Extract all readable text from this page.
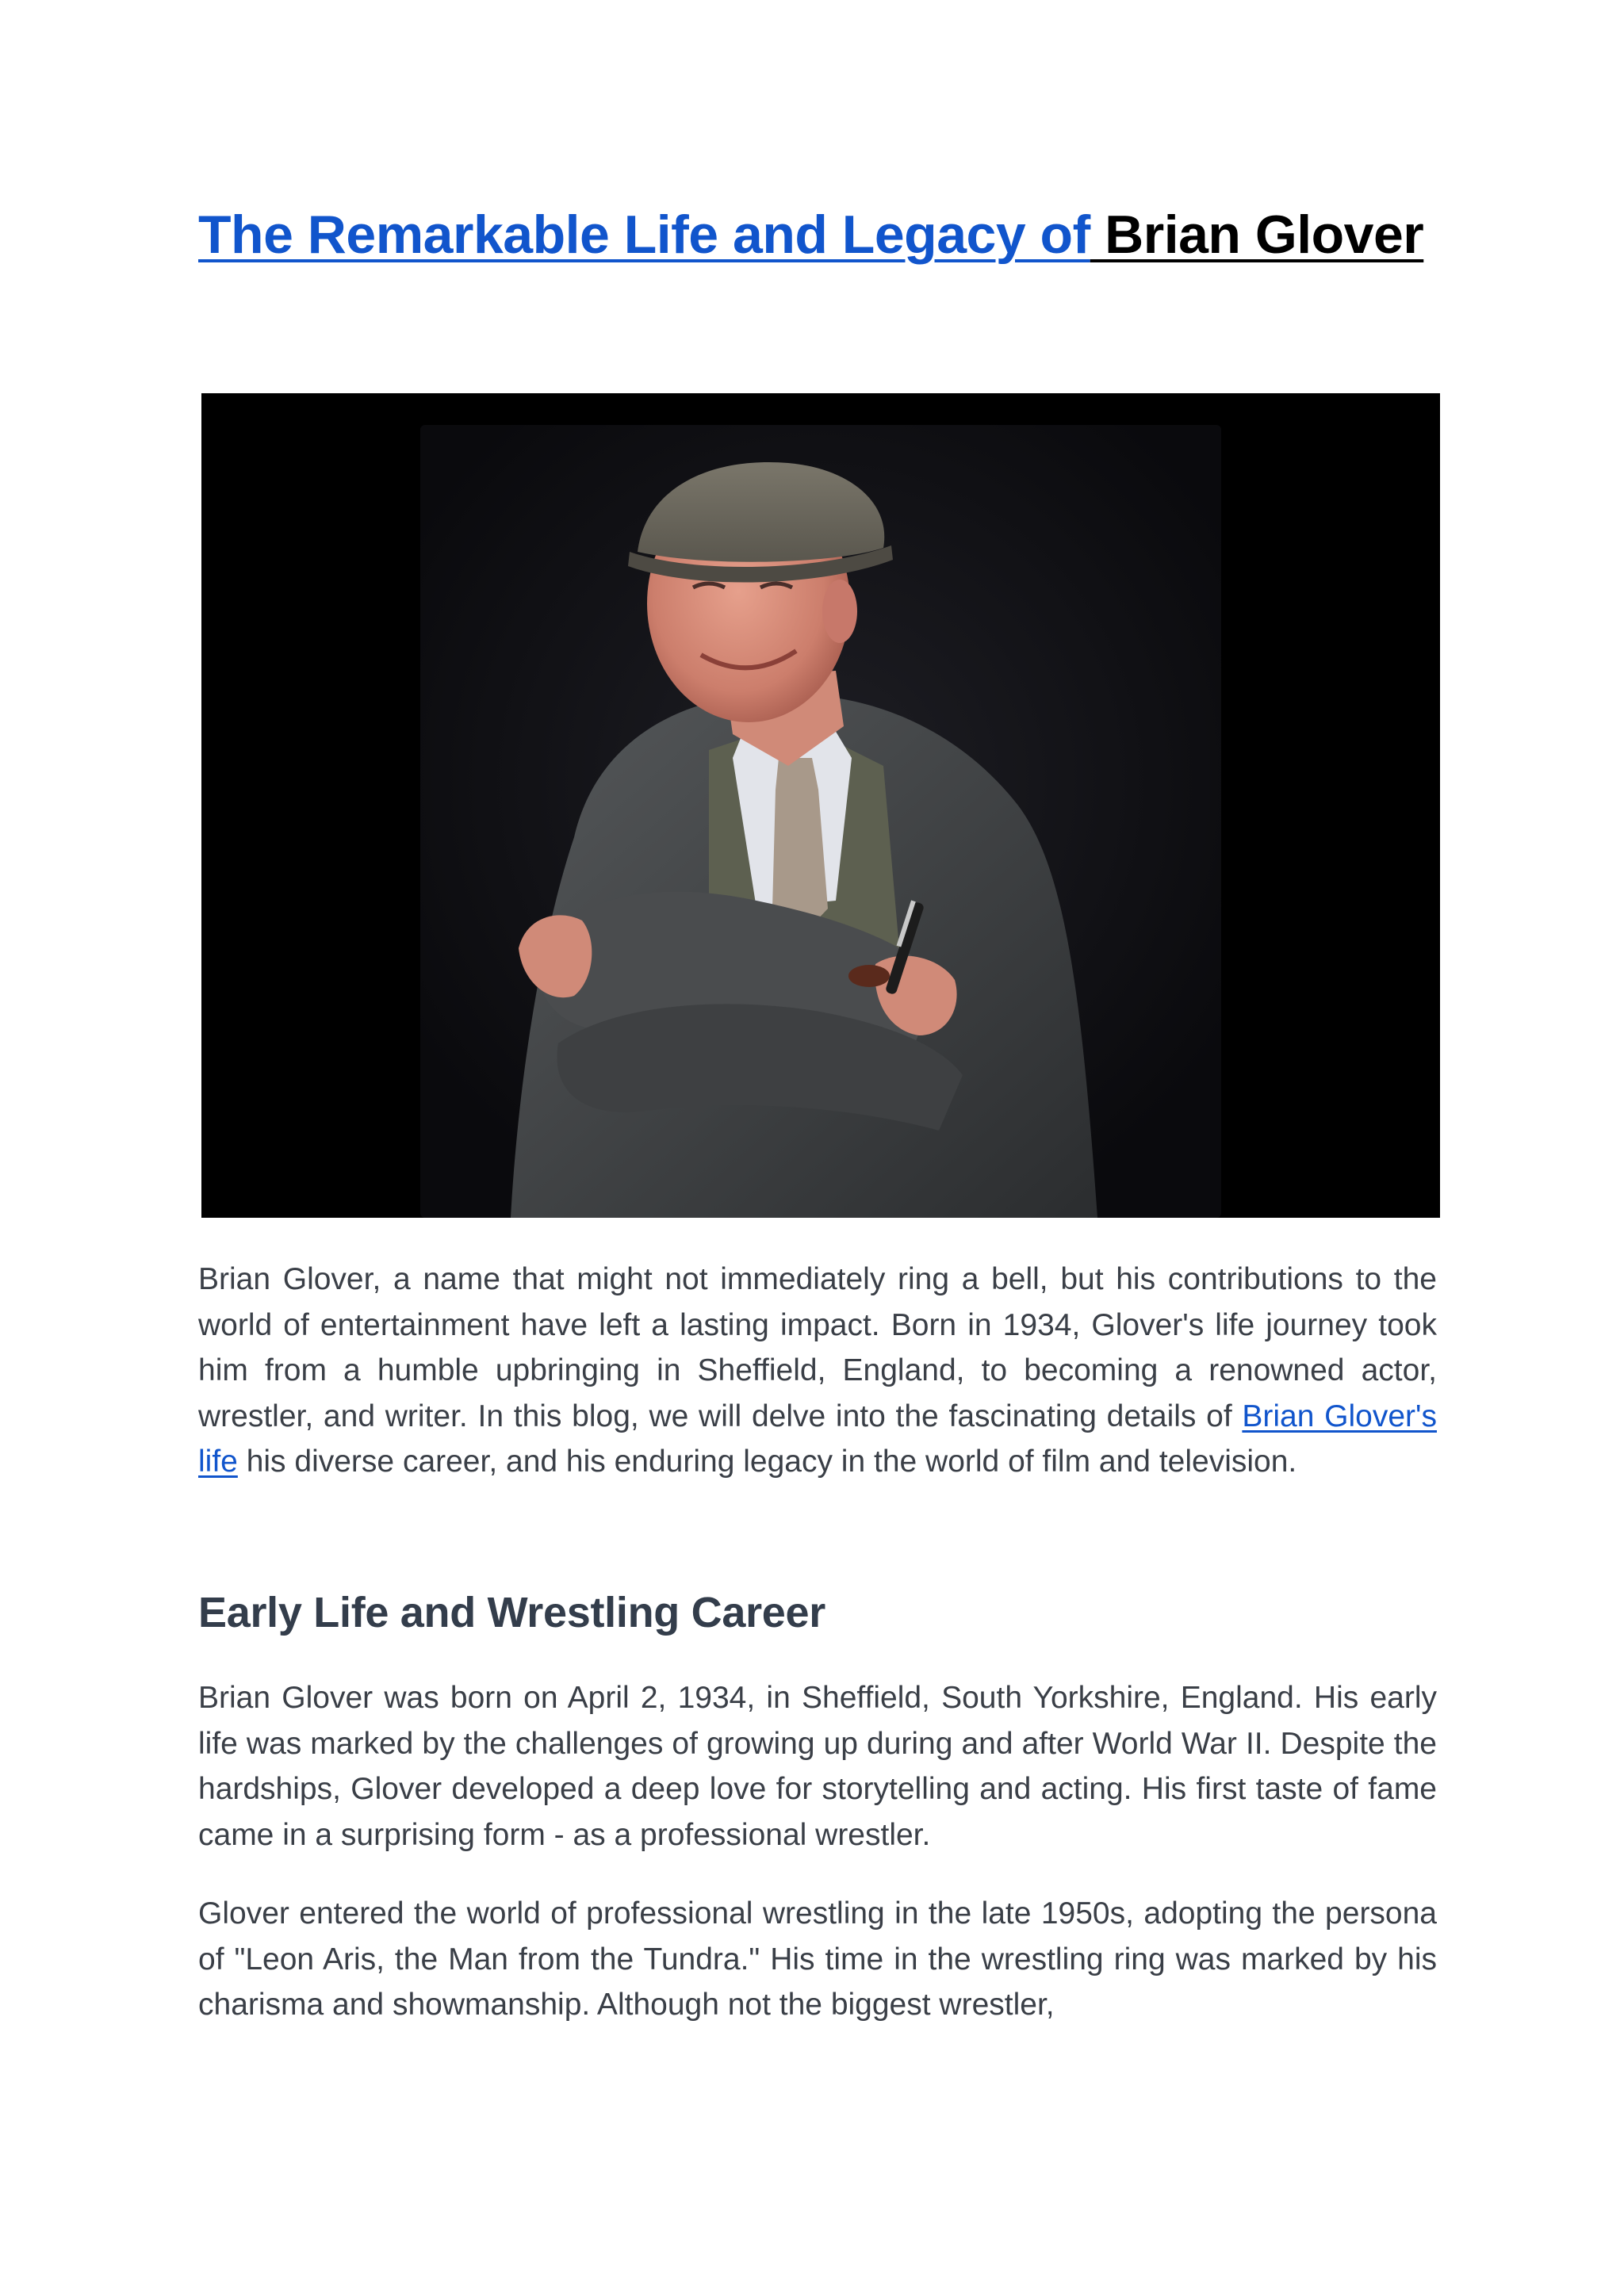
The Remarkable Life and Legacy of Brian Glover

Brian Glover, a name that might not immediately ring a bell, but his contributions to the world of entertainment have left a lasting impact. Born in 1934, Glover's life journey took him from a humble upbringing in Sheffield, England, to becoming a renowned actor, wrestler, and writer. In this blog, we will delve into the fascinating details of Brian Glover's life his diverse career, and his enduring legacy in the world of film and television.

Early Life and Wrestling Career

Brian Glover was born on April 2, 1934, in Sheffield, South Yorkshire, England. His early life was marked by the challenges of growing up during and after World War II. Despite the hardships, Glover developed a deep love for storytelling and acting. His first taste of fame came in a surprising form - as a professional wrestler.

Glover entered the world of professional wrestling in the late 1950s, adopting the persona of "Leon Aris, the Man from the Tundra." His time in the wrestling ring was marked by his charisma and showmanship. Although not the biggest wrestler,
